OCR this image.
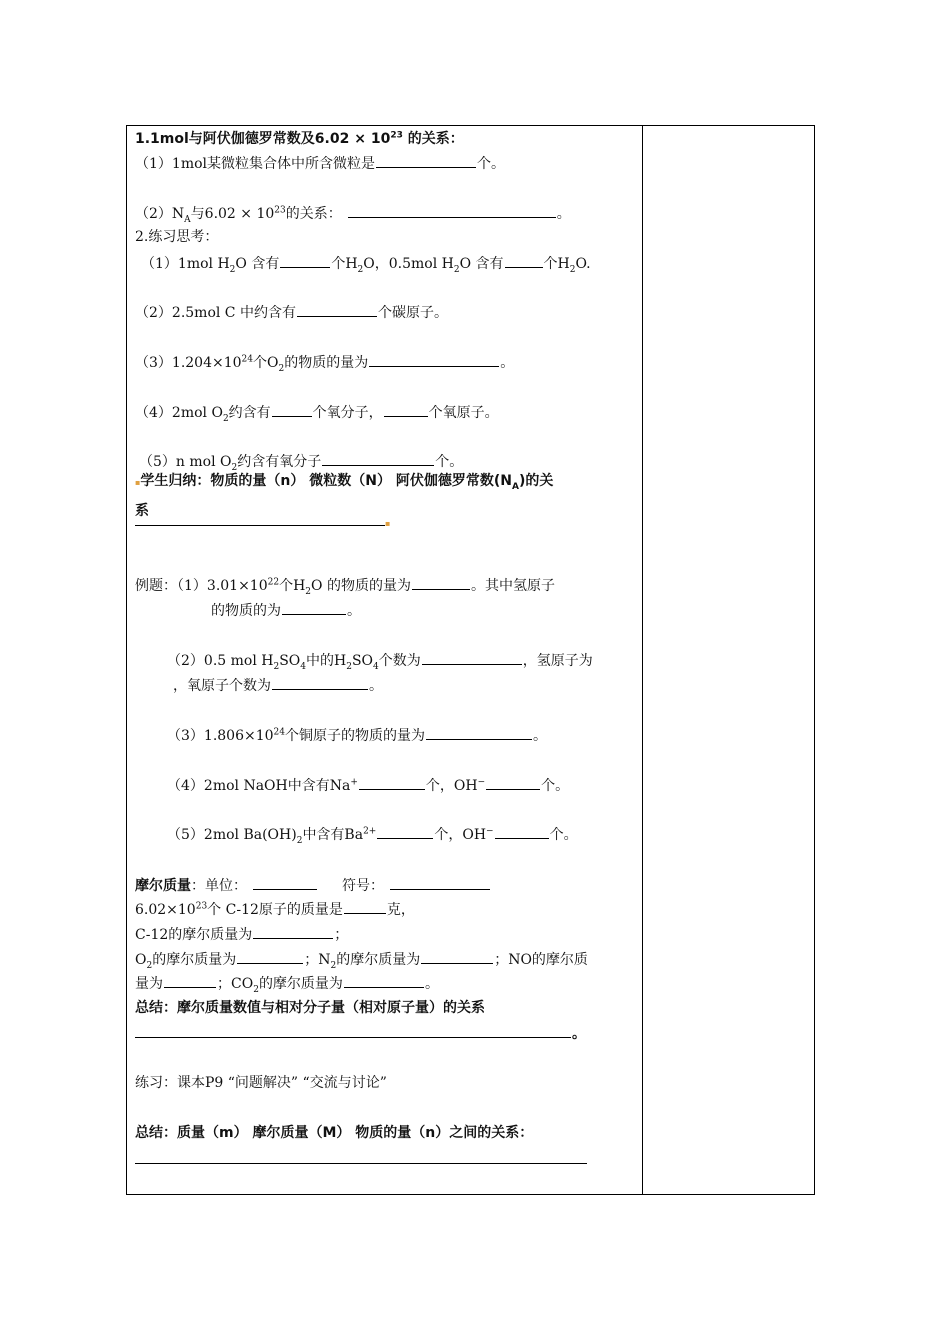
1.1mol与阿伏伽德罗常数及$6.02 \times 10^{23}$ 的关系：
（1）1mol某微粒集合体中所含微粒是	个。
$(2)N_A$与$6.02 \times 10^{23}$的关系：	。
2.练习思考：
（1）1mol $H_2O$ 含有	个$H_2O$，0.5mol $H_2O$ 含有	个$H_2O$.
（2）2.5mol C 中约含有	个碳原子。
$(3)1.204\times 10^{24}$个$O_2$的物质的量为	。
（4）2mol $O_2$约含有	个氧分子，	个氧原子。
（5）n mol $O_2$约含有氧分子	个。
▪学生归纳：物质的量（n） 微粒数（N） 阿伏伽德罗常数$(N_A)$的关
系
▪
例题：$(1)3.01\times 10^{22}$个$H_2O$ 的物质的量为	。其中氢原子
的物质的为	。
（2）0.5 mol $H_2SO_4$中的$H_2SO_4$个数为	，氢原子为
，氧原子个数为	。
$(3)1.806\times 10^{24}$个铜原子的物质的量为	。
（4）2mol NaOH中含有Na+	个，OH−	个。
（5）2mol $Ba(OH)_2$中含有$Ba^{2+}$	个，OH−	个。
摩尔质量：单位：	符号：
$6.02\times 10^{23}$个 C-12原子的质量是	克，
C-12的摩尔质量为	；
$O_2$的摩尔质量为	；$N_2$的摩尔质量为	；NO的摩尔质
量为	；$CO_2$的摩尔质量为	。
总结：摩尔质量数值与相对分子量（相对原子量）的关系
。
练习：课本P9 “问题解决” “交流与讨论”
总结：质量（m） 摩尔质量（M） 物质的量（n）之间的关系：
